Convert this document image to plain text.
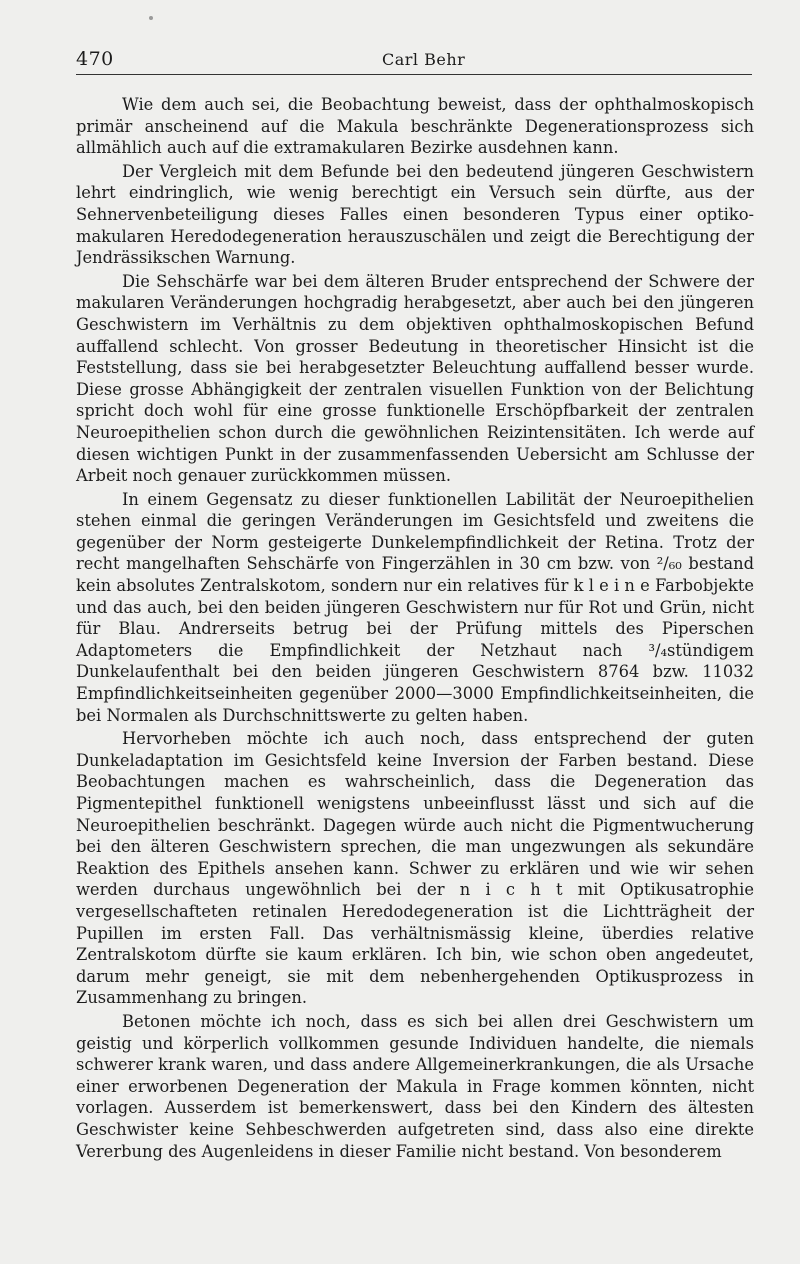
470	Carl Behr

Wie dem auch sei, die Beobachtung beweist, dass der ophthalmoskopisch primär anscheinend auf die Makula beschränkte Degenerationsprozess sich allmählich auch auf die extramakularen Bezirke ausdehnen kann.

Der Vergleich mit dem Befunde bei den bedeutend jüngeren Geschwistern lehrt eindringlich, wie wenig berechtigt ein Versuch sein dürfte, aus der Sehnervenbeteiligung dieses Falles einen besonderen Typus einer optiko-makularen Heredodegeneration herauszuschälen und zeigt die Berechtigung der Jendrässikschen Warnung.

Die Sehschärfe war bei dem älteren Bruder entsprechend der Schwere der makularen Veränderungen hochgradig herabgesetzt, aber auch bei den jüngeren Geschwistern im Verhältnis zu dem objektiven ophthalmoskopischen Befund auffallend schlecht. Von grosser Bedeutung in theoretischer Hinsicht ist die Feststellung, dass sie bei herabgesetzter Beleuchtung auffallend besser wurde. Diese grosse Abhängigkeit der zentralen visuellen Funktion von der Belichtung spricht doch wohl für eine grosse funktionelle Erschöpfbarkeit der zentralen Neuroepithelien schon durch die gewöhnlichen Reizintensitäten. Ich werde auf diesen wichtigen Punkt in der zusammenfassenden Uebersicht am Schlusse der Arbeit noch genauer zurückkommen müssen.

In einem Gegensatz zu dieser funktionellen Labilität der Neuroepithelien stehen einmal die geringen Veränderungen im Gesichtsfeld und zweitens die gegenüber der Norm gesteigerte Dunkelempfindlichkeit der Retina. Trotz der recht mangelhaften Sehschärfe von Fingerzählen in 30 cm bzw. von ²/₆₀ bestand kein absolutes Zentralskotom, sondern nur ein relatives für k l e i n e Farbobjekte und das auch, bei den beiden jüngeren Geschwistern nur für Rot und Grün, nicht für Blau. Andrerseits betrug bei der Prüfung mittels des Piperschen Adaptometers die Empfindlichkeit der Netzhaut nach ³/₄stündigem Dunkelaufenthalt bei den beiden jüngeren Geschwistern 8764 bzw. 11032 Empfindlichkeitseinheiten gegenüber 2000—3000 Empfindlichkeitseinheiten, die bei Normalen als Durchschnittswerte zu gelten haben.

Hervorheben möchte ich auch noch, dass entsprechend der guten Dunkeladaptation im Gesichtsfeld keine Inversion der Farben bestand. Diese Beobachtungen machen es wahrscheinlich, dass die Degeneration das Pigmentepithel funktionell wenigstens unbeeinflusst lässt und sich auf die Neuroepithelien beschränkt. Dagegen würde auch nicht die Pigmentwucherung bei den älteren Geschwistern sprechen, die man ungezwungen als sekundäre Reaktion des Epithels ansehen kann. Schwer zu erklären und wie wir sehen werden durchaus ungewöhnlich bei der n i c h t mit Optikusatrophie vergesellschafteten retinalen Heredodegeneration ist die Lichtträgheit der Pupillen im ersten Fall. Das verhältnismässig kleine, überdies relative Zentralskotom dürfte sie kaum erklären. Ich bin, wie schon oben angedeutet, darum mehr geneigt, sie mit dem nebenhergehenden Optikusprozess in Zusammenhang zu bringen.

Betonen möchte ich noch, dass es sich bei allen drei Geschwistern um geistig und körperlich vollkommen gesunde Individuen handelte, die niemals schwerer krank waren, und dass andere Allgemeinerkrankungen, die als Ursache einer erworbenen Degeneration der Makula in Frage kommen könnten, nicht vorlagen. Ausserdem ist bemerkenswert, dass bei den Kindern des ältesten Geschwister keine Sehbeschwerden aufgetreten sind, dass also eine direkte Vererbung des Augenleidens in dieser Familie nicht bestand. Von besonderem
